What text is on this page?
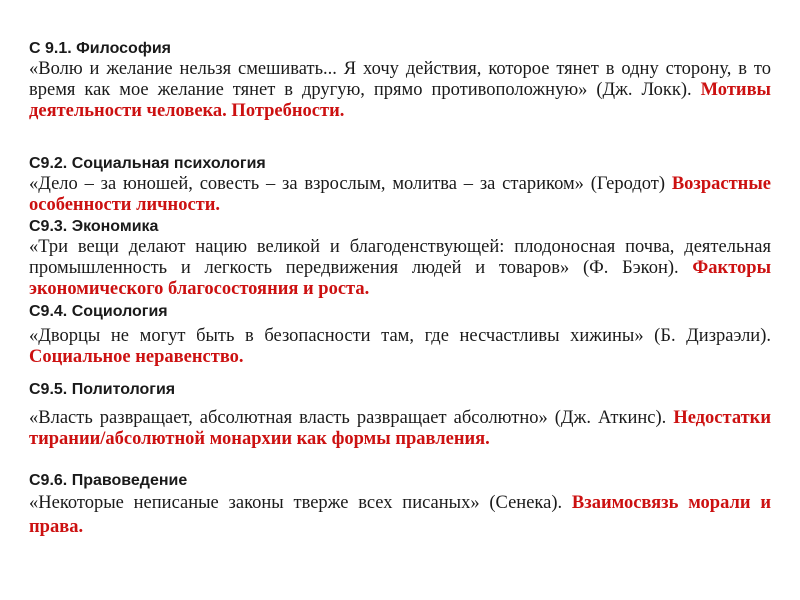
С 9.1. Философия
«Волю и желание нельзя смешивать... Я хочу действия, которое тянет в одну сторону, в то время как мое желание тянет в другую, прямо противоположную» (Дж. Локк). Мотивы деятельности человека. Потребности.
С9.2. Социальная психология
«Дело – за юношей, совесть – за взрослым, молитва – за стариком» (Геродот) Возрастные особенности личности.
С9.3. Экономика
«Три вещи делают нацию великой и благоденствующей: плодоносная почва, деятельная промышленность и легкость передвижения людей и товаров» (Ф. Бэкон). Факторы экономического благосостояния и роста.
С9.4. Социология
«Дворцы не могут быть в безопасности там, где несчастливы хижины» (Б. Дизраэли). Социальное неравенство.
С9.5. Политология
«Власть развращает, абсолютная власть развращает абсолютно» (Дж. Аткинс). Недостатки тирании/абсолютной монархии как формы правления.
С9.6. Правоведение
«Некоторые неписаные законы тверже всех писаных» (Сенека). Взаимосвязь морали и права.
